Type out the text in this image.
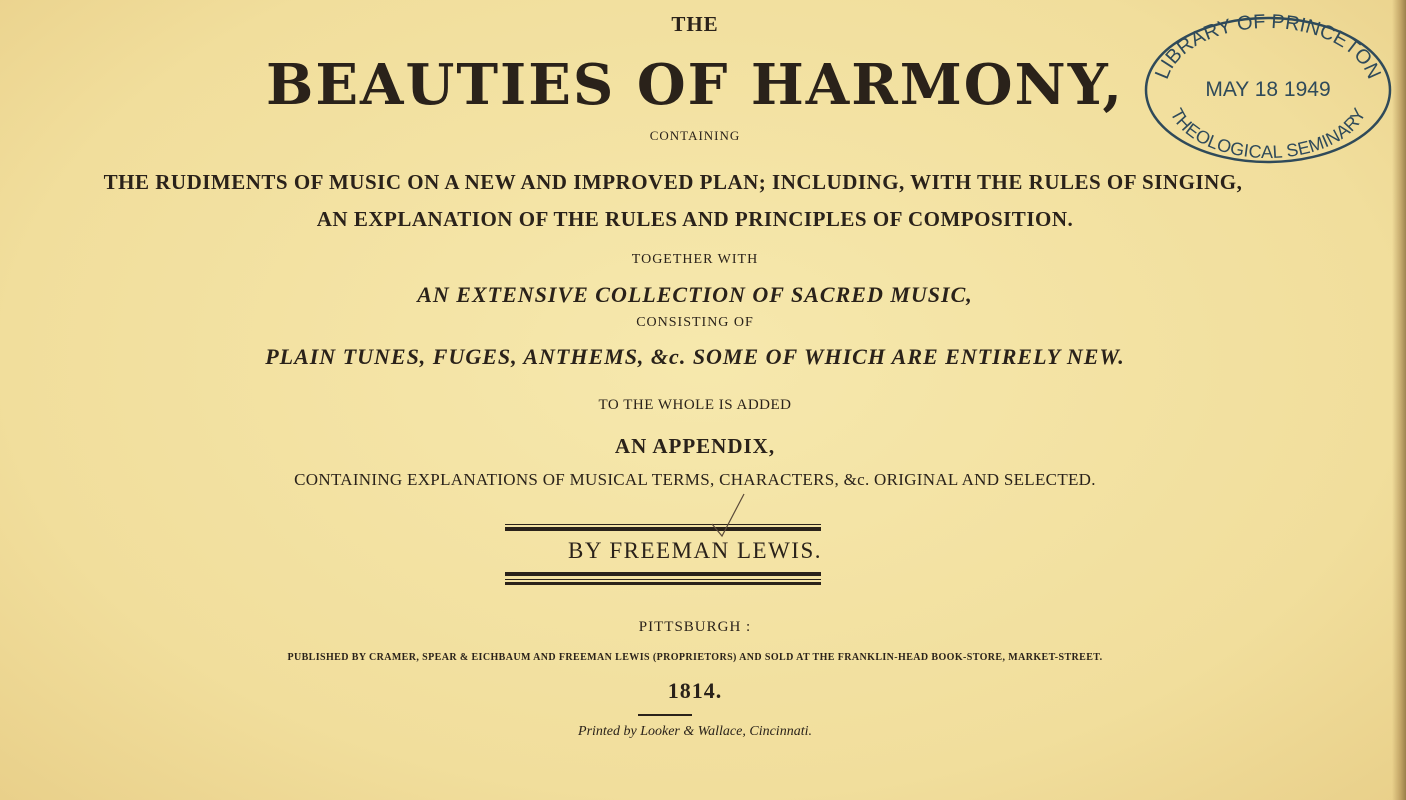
THE
BEAUTIES OF HARMONY,
CONTAINING
THE RUDIMENTS OF MUSIC ON A NEW AND IMPROVED PLAN; INCLUDING, WITH THE RULES OF SINGING,
AN EXPLANATION OF THE RULES AND PRINCIPLES OF COMPOSITION.
TOGETHER WITH
AN EXTENSIVE COLLECTION OF SACRED MUSIC,
CONSISTING OF
PLAIN TUNES, FUGES, ANTHEMS, &c. SOME OF WHICH ARE ENTIRELY NEW.
TO THE WHOLE IS ADDED
AN APPENDIX,
CONTAINING EXPLANATIONS OF MUSICAL TERMS, CHARACTERS, &c. ORIGINAL AND SELECTED.
BY FREEMAN LEWIS.
PITTSBURGH :
PUBLISHED BY CRAMER, SPEAR & EICHBAUM AND FREEMAN LEWIS (PROPRIETORS) AND SOLD AT THE FRANKLIN-HEAD BOOK-STORE, MARKET-STREET.
1814.
Printed by Looker & Wallace, Cincinnati.
LIBRARY OF PRINCETON
MAY 18 1949
THEOLOGICAL SEMINARY
